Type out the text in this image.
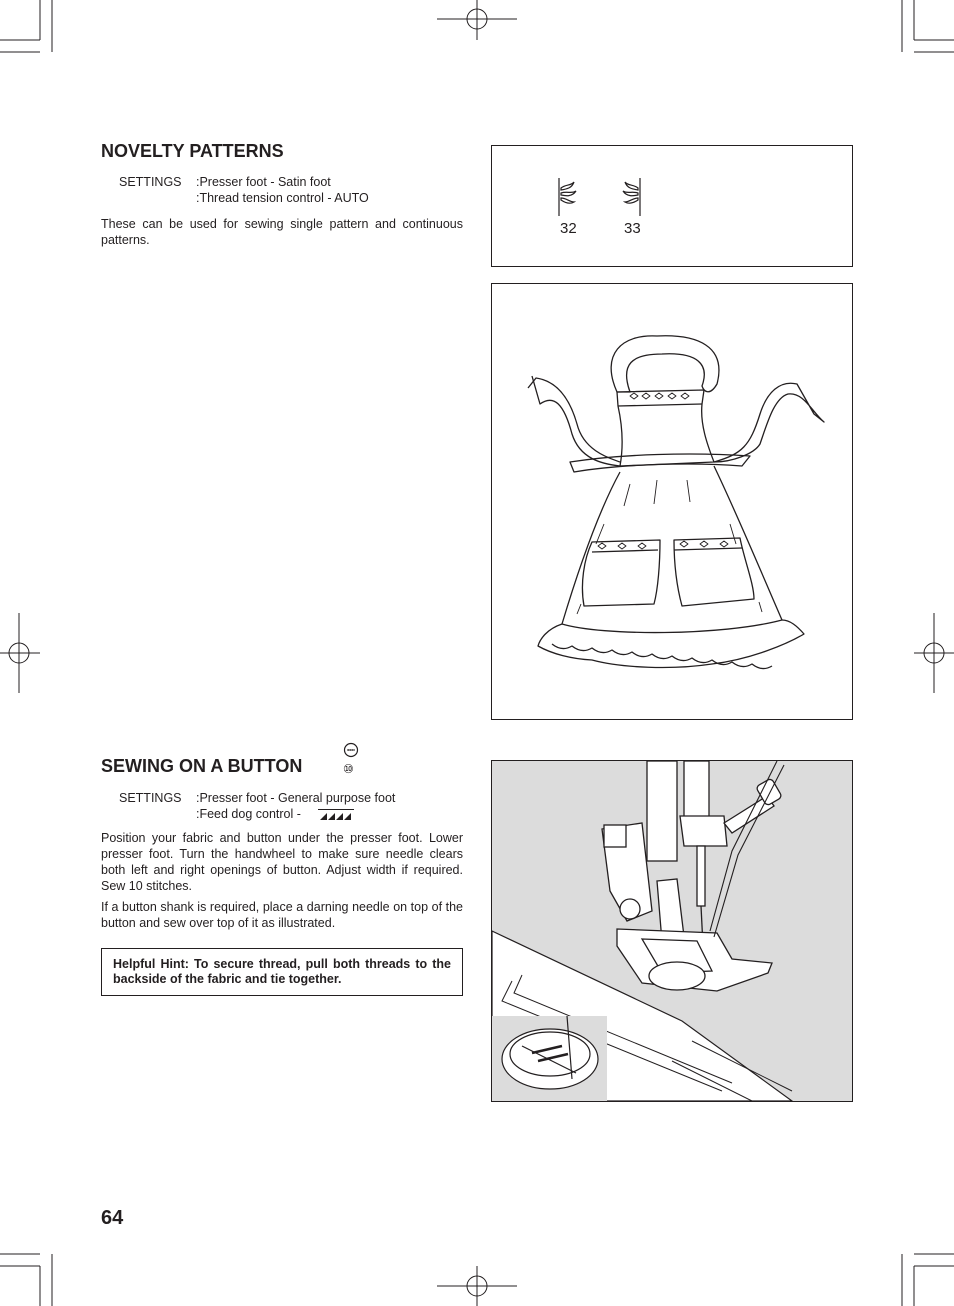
NOVELTY PATTERNS
SETTINGS :Presser foot - Satin foot
:Thread tension control - AUTO

These can be used for sewing single pattern and continuous patterns.

32	33
SEWING ON A BUTTON	⑩
SETTINGS :Presser foot - General purpose foot
:Feed dog control -

Position your fabric and button under the presser foot. Lower presser foot. Turn the handwheel to make sure needle clears both left and right openings of button. Adjust width if required. Sew 10 stitches.

If a button shank is required, place a darning needle on top of the button and sew over top of it as illustrated.

Helpful Hint: To secure thread, pull both threads to the backside of the fabric and tie together.
64
